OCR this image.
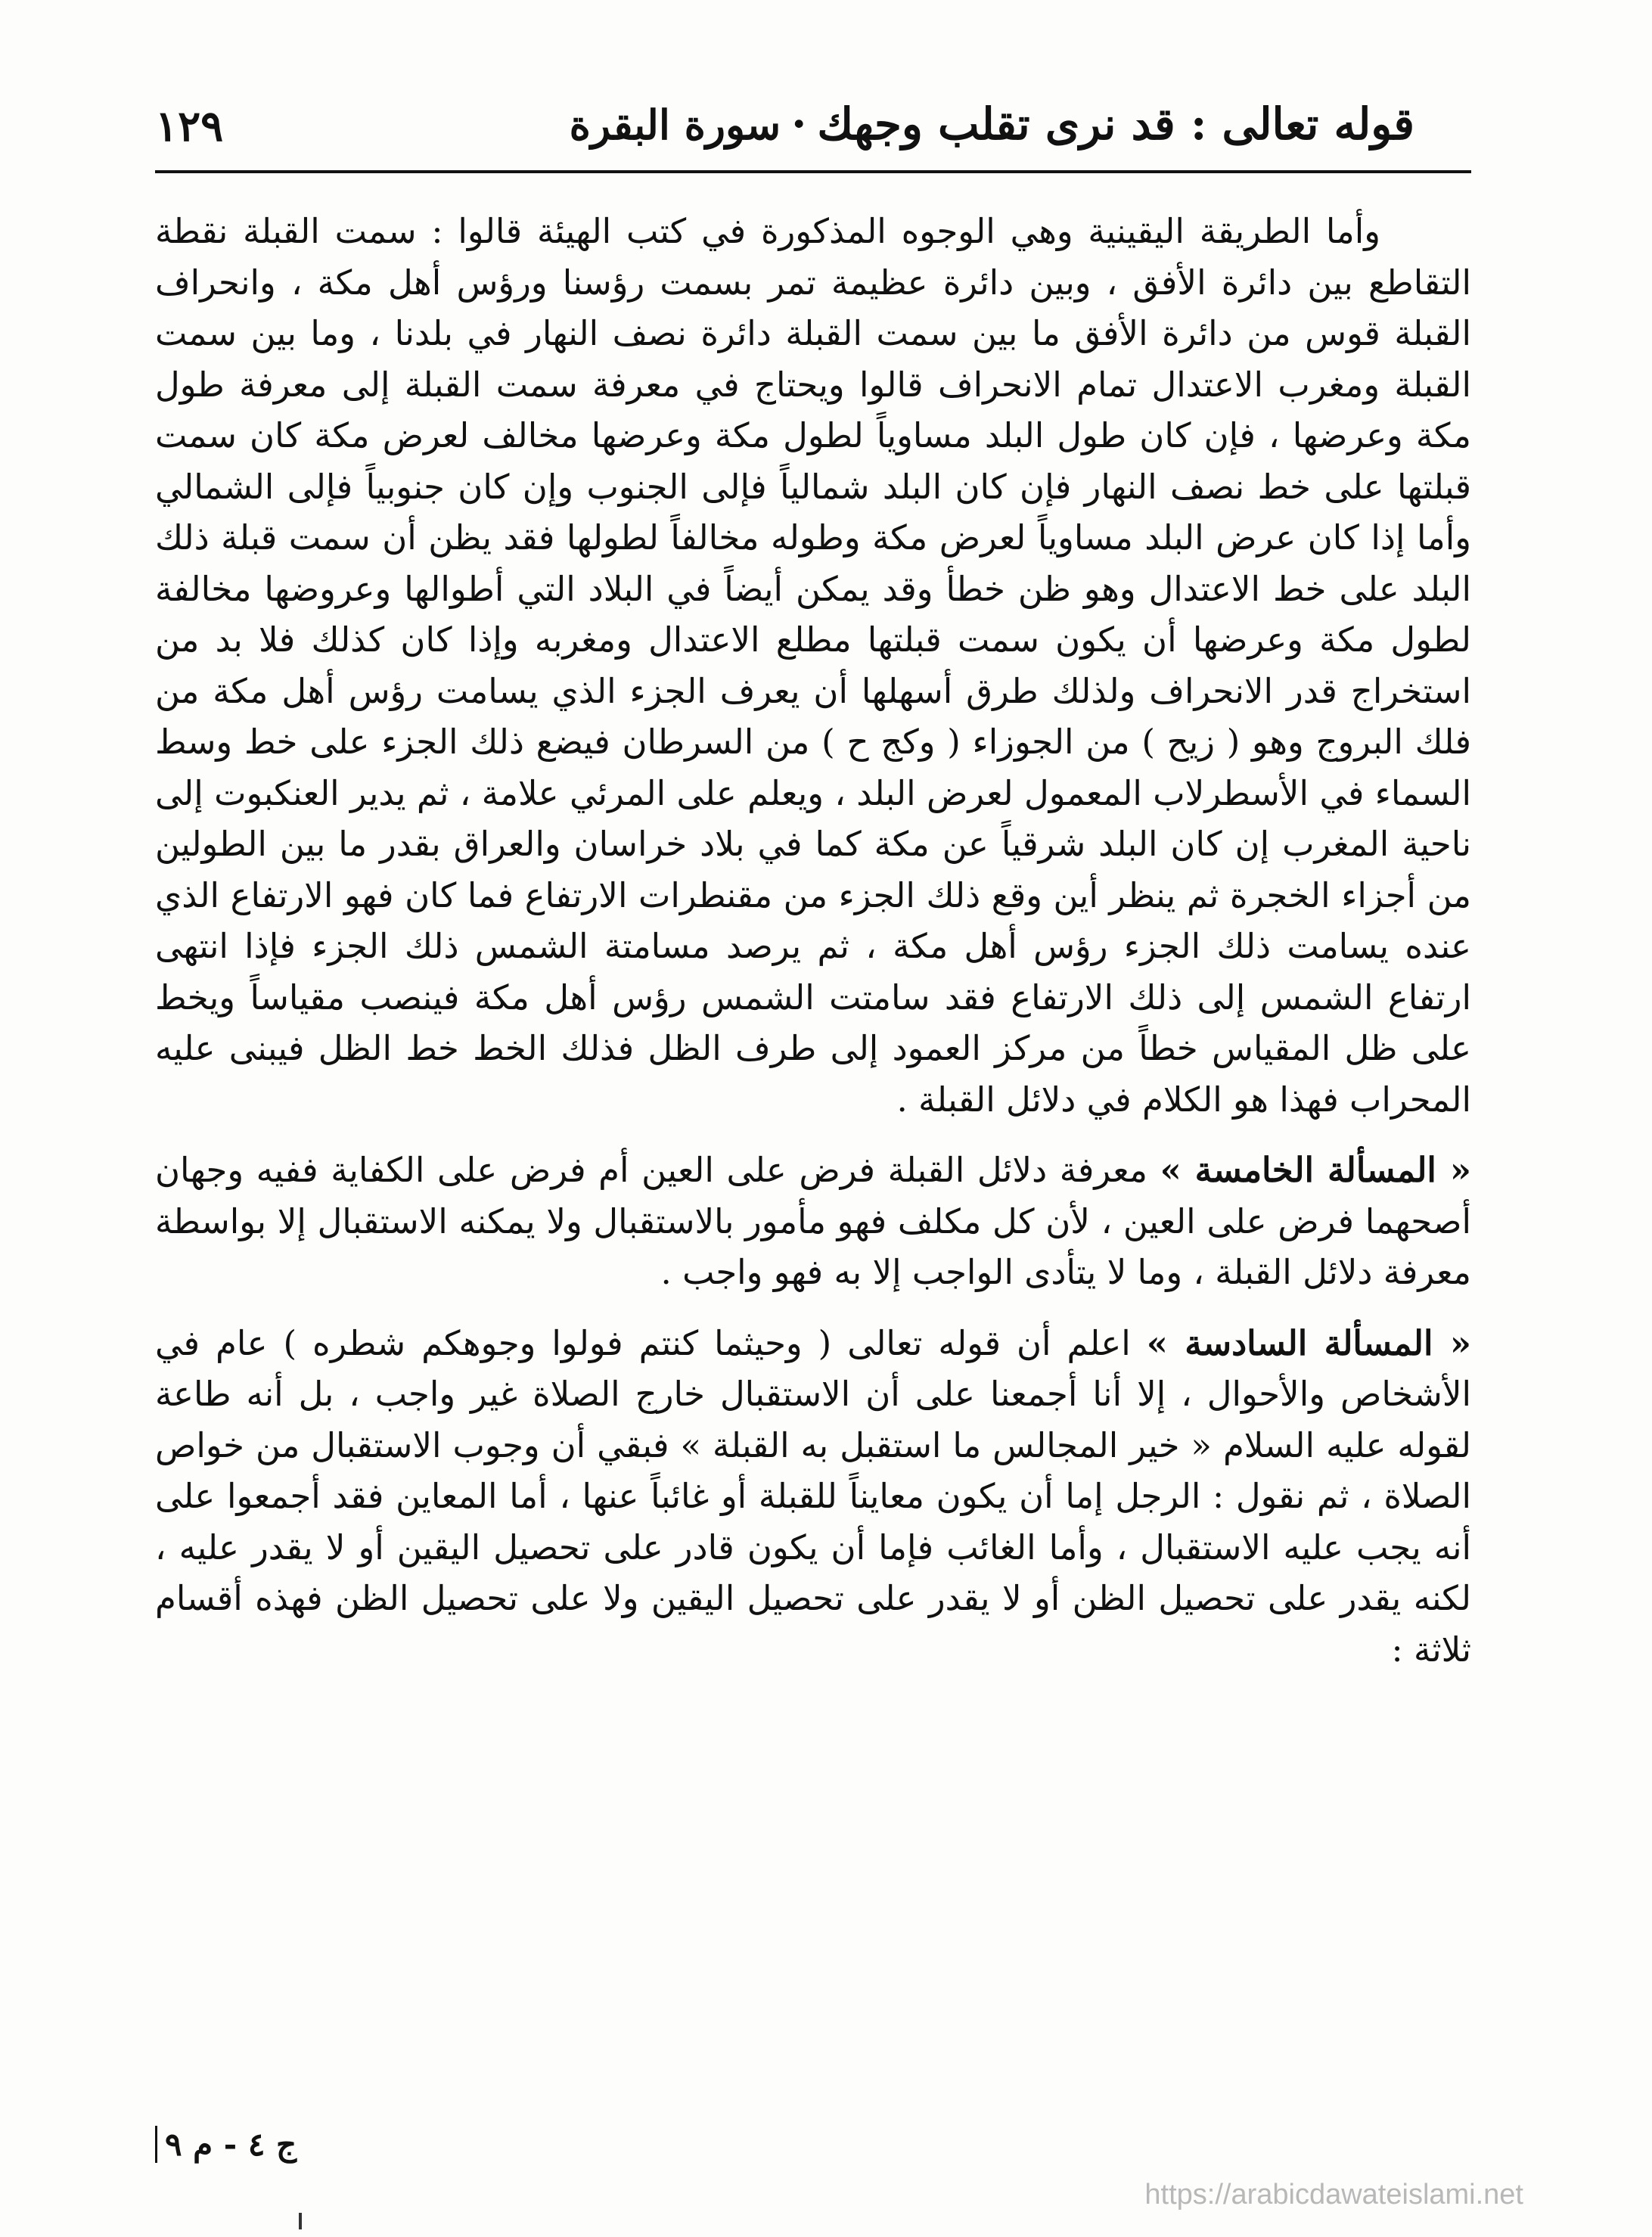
قوله تعالى : قد نرى تقلب وجهك·سورة البقرة
١٢٩

وأما الطريقة اليقينية وهي الوجوه المذكورة في كتب الهيئة قالوا : سمت القبلة نقطة التقاطع بين دائرة الأفق ، وبين دائرة عظيمة تمر بسمت رؤسنا ورؤس أهل مكة ، وانحراف القبلة قوس من دائرة الأفق ما بين سمت القبلة دائرة نصف النهار في بلدنا ، وما بين سمت القبلة ومغرب الاعتدال تمام الانحراف قالوا ويحتاج في معرفة سمت القبلة إلى معرفة طول مكة وعرضها ، فإن كان طول البلد مساوياً لطول مكة وعرضها مخالف لعرض مكة كان سمت قبلتها على خط نصف النهار فإن كان البلد شمالياً فإلى الجنوب وإن كان جنوبياً فإلى الشمالي وأما إذا كان عرض البلد مساوياً لعرض مكة وطوله مخالفاً لطولها فقد يظن أن سمت قبلة ذلك البلد على خط الاعتدال وهو ظن خطأ وقد يمكن أيضاً في البلاد التي أطوالها وعروضها مخالفة لطول مكة وعرضها أن يكون سمت قبلتها مطلع الاعتدال ومغربه وإذا كان كذلك فلا بد من استخراج قدر الانحراف ولذلك طرق أسهلها أن يعرف الجزء الذي يسامت رؤس أهل مكة من فلك البروج وهو ( زيح ) من الجوزاء ( وكج ح ) من السرطان فيضع ذلك الجزء على خط وسط السماء في الأسطرلاب المعمول لعرض البلد ، ويعلم على المرئي علامة ، ثم يدير العنكبوت إلى ناحية المغرب إن كان البلد شرقياً عن مكة كما في بلاد خراسان والعراق بقدر ما بين الطولين من أجزاء الخجرة ثم ينظر أين وقع ذلك الجزء من مقنطرات الارتفاع فما كان فهو الارتفاع الذي عنده يسامت ذلك الجزء رؤس أهل مكة ، ثم يرصد مسامتة الشمس ذلك الجزء فإذا انتهى ارتفاع الشمس إلى ذلك الارتفاع فقد سامتت الشمس رؤس أهل مكة فينصب مقياساً ويخط على ظل المقياس خطاً من مركز العمود إلى طرف الظل فذلك الخط خط الظل فيبنى عليه المحراب فهذا هو الكلام في دلائل القبلة .

« المسألة الخامسة » معرفة دلائل القبلة فرض على العين أم فرض على الكفاية ففيه وجهان أصحهما فرض على العين ، لأن كل مكلف فهو مأمور بالاستقبال ولا يمكنه الاستقبال إلا بواسطة معرفة دلائل القبلة ، وما لا يتأدى الواجب إلا به فهو واجب .

« المسألة السادسة » اعلم أن قوله تعالى ( وحيثما كنتم فولوا وجوهكم شطره ) عام في الأشخاص والأحوال ، إلا أنا أجمعنا على أن الاستقبال خارج الصلاة غير واجب ، بل أنه طاعة لقوله عليه السلام « خير المجالس ما استقبل به القبلة » فبقي أن وجوب الاستقبال من خواص الصلاة ، ثم نقول : الرجل إما أن يكون معايناً للقبلة أو غائباً عنها ، أما المعاين فقد أجمعوا على أنه يجب عليه الاستقبال ، وأما الغائب فإما أن يكون قادر على تحصيل اليقين أو لا يقدر عليه ، لكنه يقدر على تحصيل الظن أو لا يقدر على تحصيل اليقين ولا على تحصيل الظن فهذه أقسام ثلاثة :

ج ٤ - م ٩
https://arabicdawateislami.net
